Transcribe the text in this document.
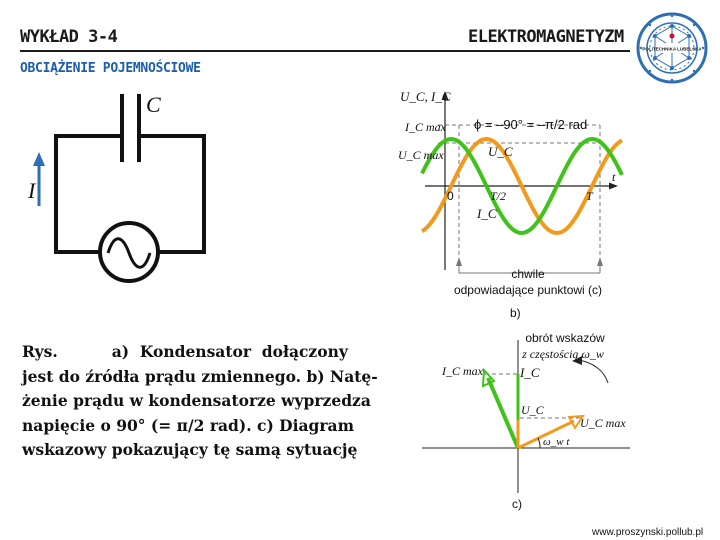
WYKŁAD 3-4	ELEKTROMAGNETYZM
OBCIĄŻENIE POJEMNOŚCIOWE
POLITECHNIKA LUBELSKA
C
I
Rys.          a)  Kondensator  dołączony
jest do źródła prądu zmiennego. b) Natę-
żenie prądu w kondensatorze wyprzedza
napięcie o 90° (= π/2 rad). c) Diagram
wskazowy pokazujący tę samą sytuację
U_C, I_C
I_C max
U_C max
ϕ = –90° = –π/2 rad
U_C
I_C
0	T/2	T
t
chwile
odpowiadające punktowi (c)
b)
obrót wskazów
z częstością ω_w
I_C max	I_C
U_C
U_C max
ω_w t
c)
www.proszynski.pollub.pl
